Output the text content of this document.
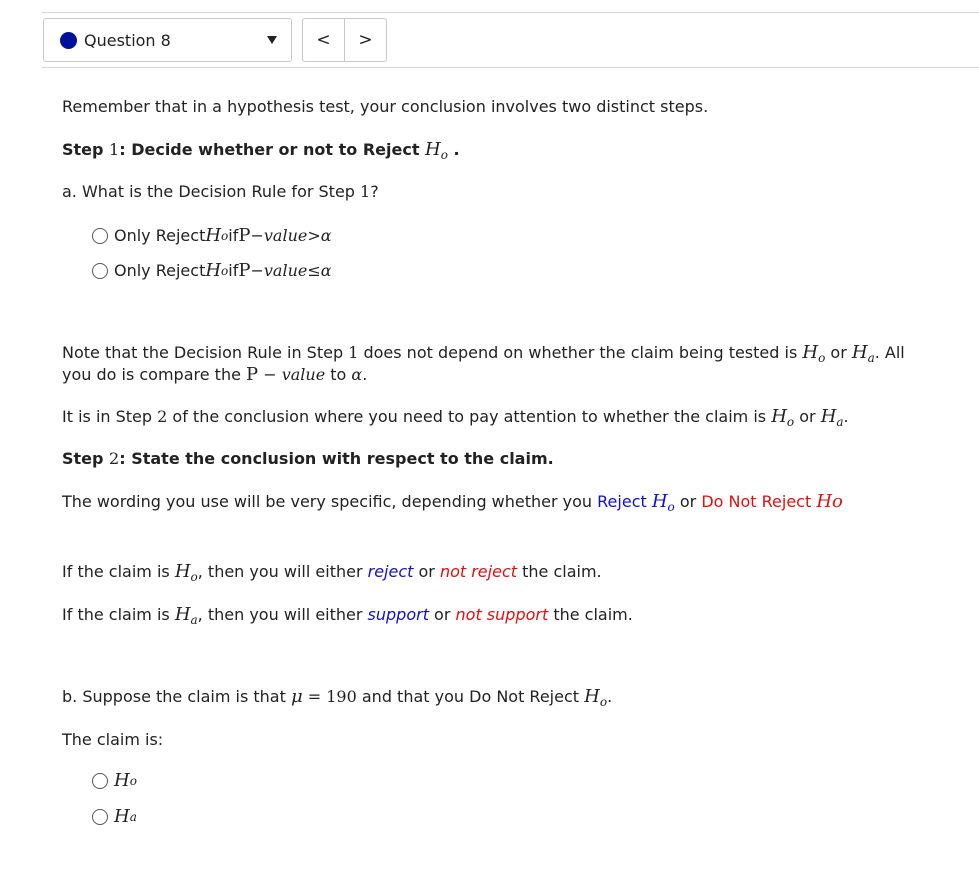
Question 8	<	>
Remember that in a hypothesis test, your conclusion involves two distinct steps.
Step 1: Decide whether or not to Reject $H_o$ .
a. What is the Decision Rule for Step 1?
Only Reject H o if P − value > α
Only Reject H o if P − value ≤ α
Note that the Decision Rule in Step 1 does not depend on whether the claim being tested is $H_o$ or $H_a$. All
you do is compare the P − value to α.
It is in Step 2 of the conclusion where you need to pay attention to whether the claim is $H_o$ or $H_a$.
Step 2: State the conclusion with respect to the claim.
The wording you use will be very specific, depending whether you Reject $H_o$ or Do Not Reject Ho
If the claim is $H_o$, then you will either reject or not reject the claim.
If the claim is $H_a$, then you will either support or not support the claim.
b. Suppose the claim is that μ = 190 and that you Do Not Reject $H_o$.
The claim is:
H o
H a
